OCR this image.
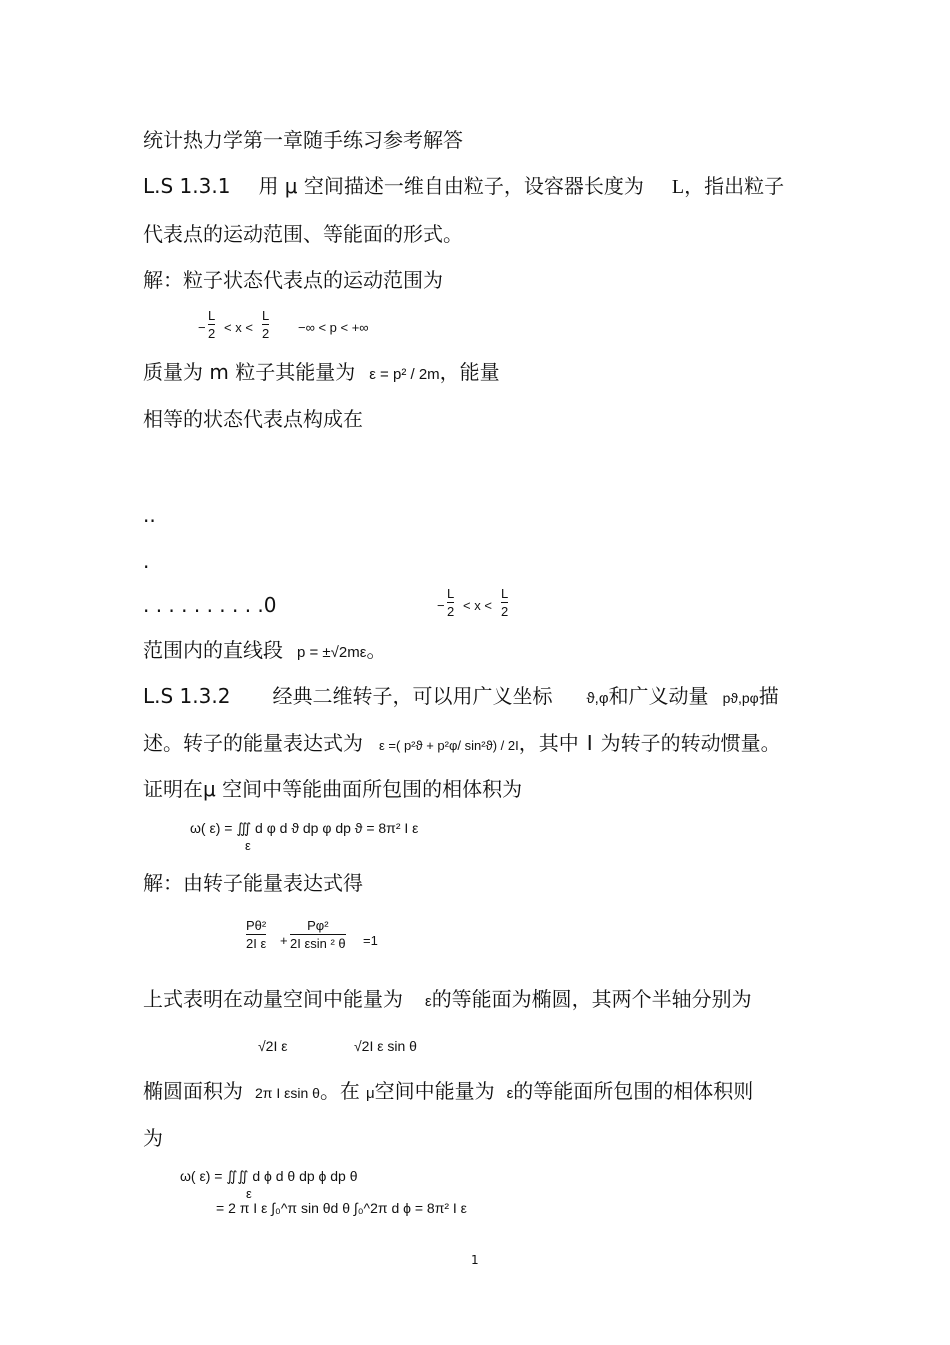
统计热力学第一章随手练习参考解答
L.S 1.3.1 用 μ 空间描述一维自由粒子，设容器长度为 L，指出粒子
代表点的运动范围、等能面的形式。
解：粒子状态代表点的运动范围为
−
L
2 < x <
L
2 −∞ < p < +∞
质量为 m 粒子其能量为 ε = p² / 2m，能量
相等的状态代表点构成在
..
.
. . . . . . . . . .0	−
L
2 < x <
L
2
范围内的直线段 p = ±√2mε。
L.S 1.3.2 经典二维转子，可以用广义坐标 ϑ,φ和广义动量 pϑ,pφ描
述。转子的能量表达式为 ε =( p²ϑ + p²φ/ sin²ϑ) / 2I，其中 I 为转子的转动惯量。
证明在μ 空间中等能曲面所包围的相体积为
ω( ε) = ∭ d φ d ϑ dp φ dp ϑ = 8π² I ε
ε
解：由转子能量表达式得
Pθ²
2I ε +
Pφ²
2I εsin ² θ =1
上式表明在动量空间中能量为 ε的等能面为椭圆，其两个半轴分别为
√2I ε	√2I ε sin θ
椭圆面积为 2π I εsin θ。在 μ空间中能量为 ε的等能面所包围的相体积则
为
ω( ε) = ∬∬ d ϕ d θ dp ϕ dp θ
ε
= 2 π I ε ∫₀^π sin θd θ ∫₀^2π d ϕ = 8π² I ε
1
